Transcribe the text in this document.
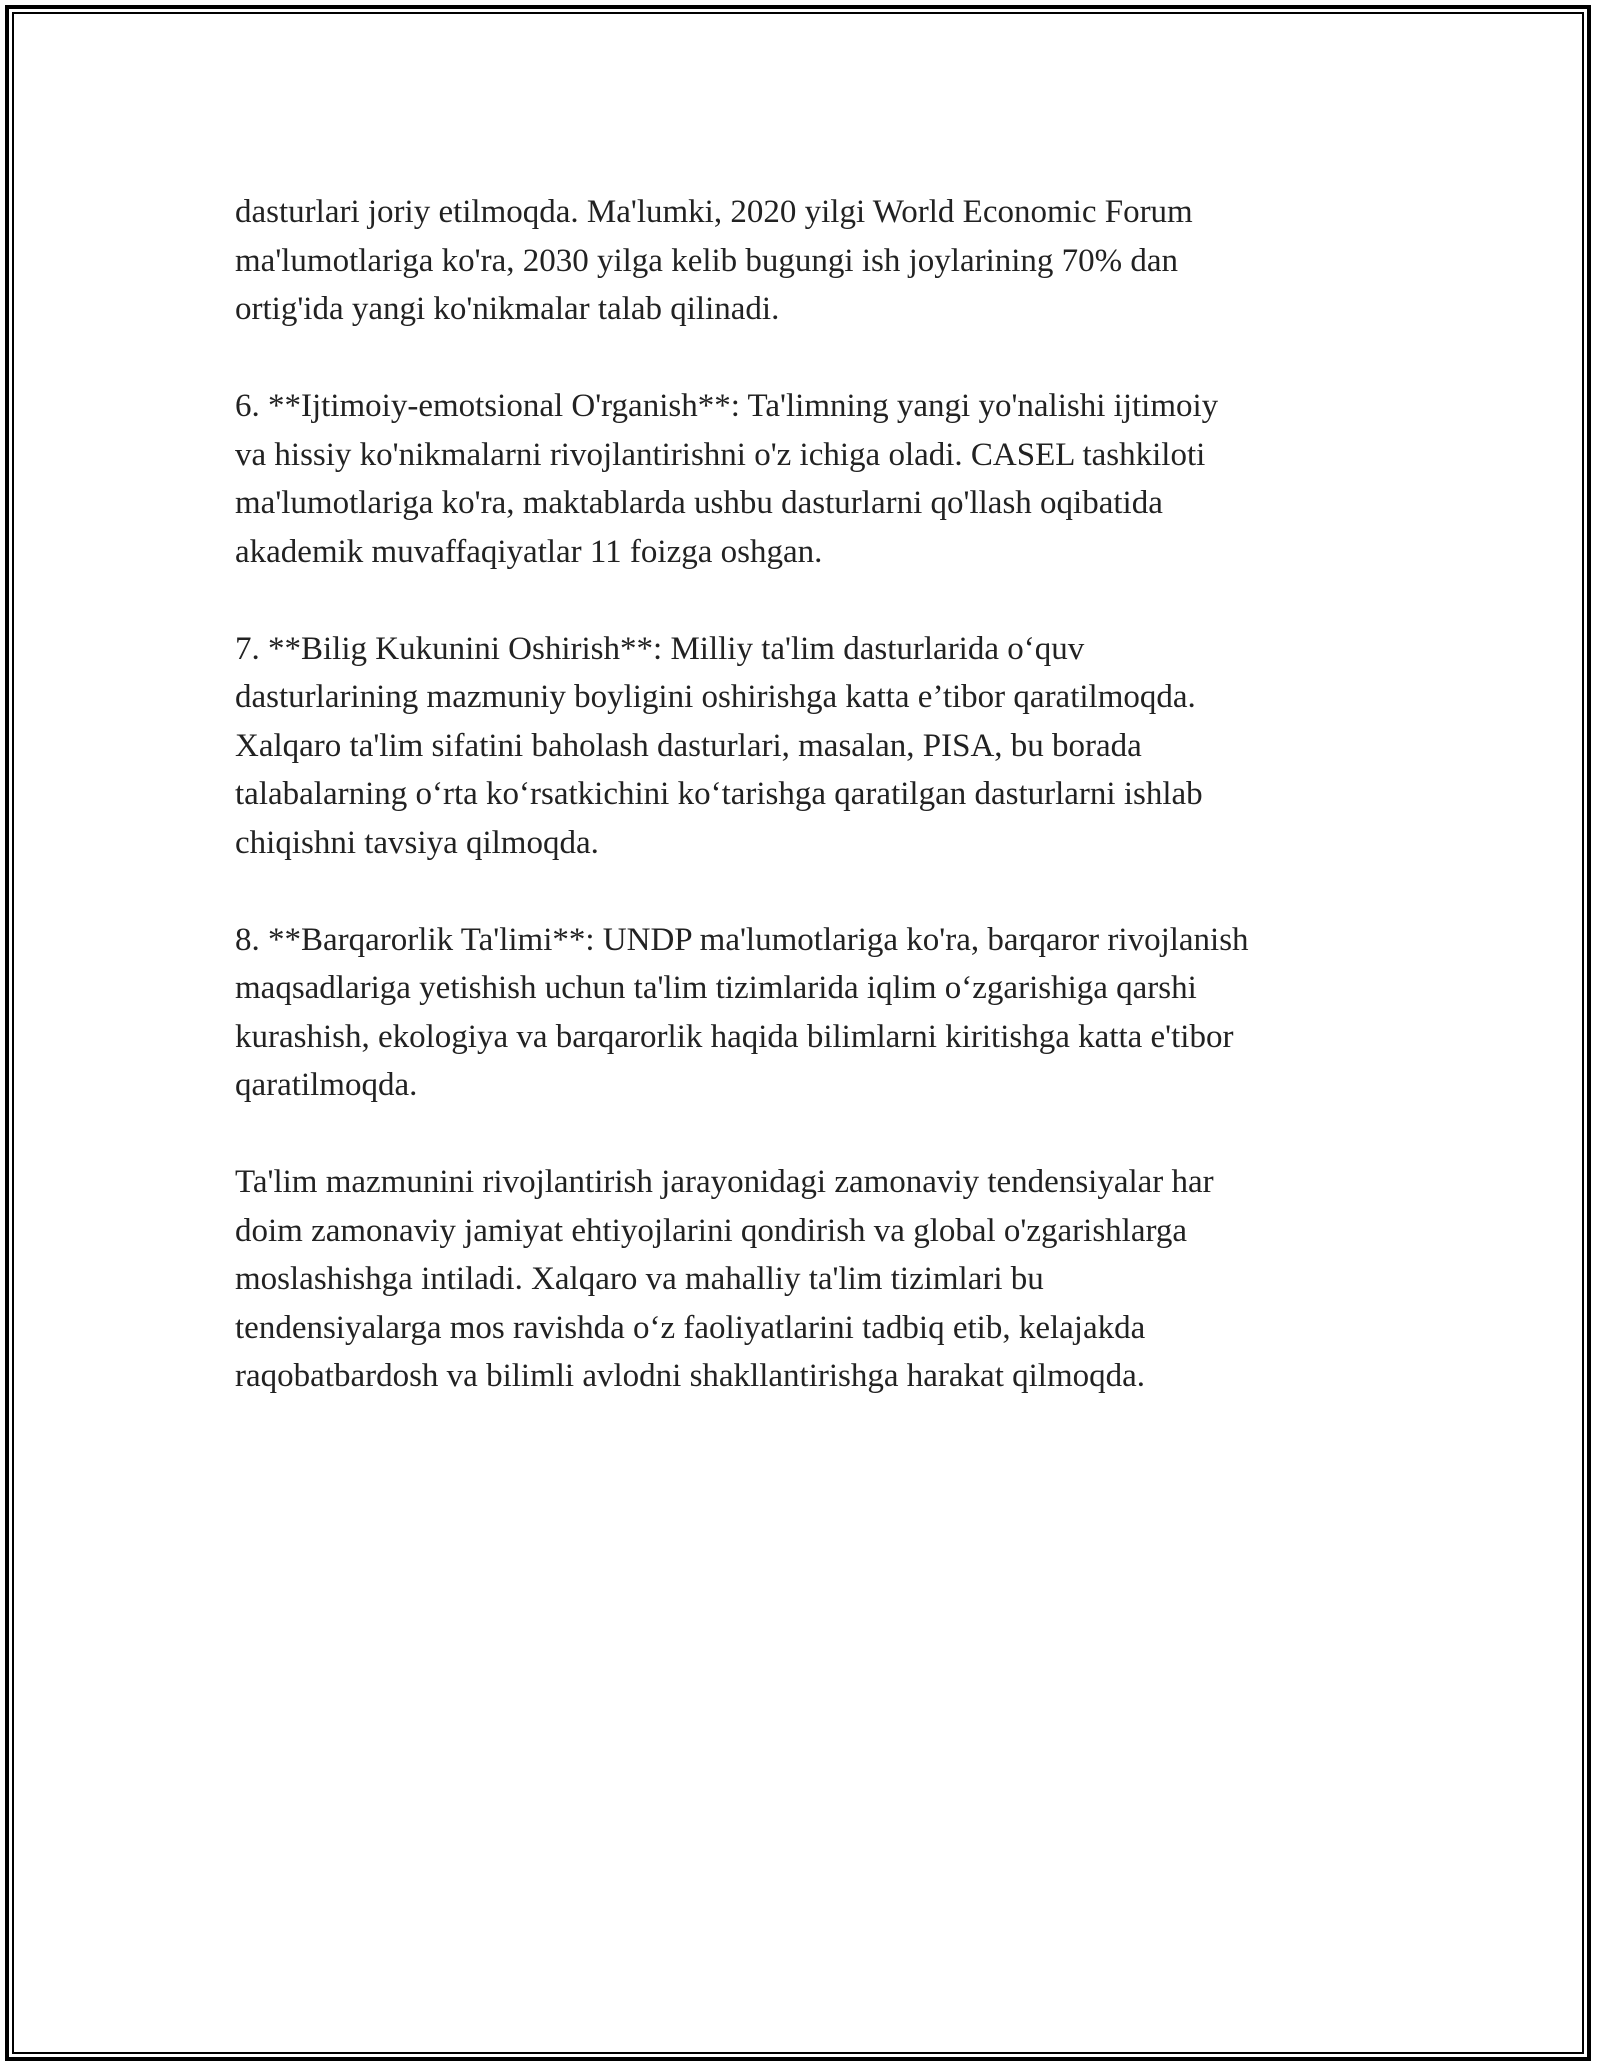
dasturlari joriy etilmoqda. Ma'lumki, 2020 yilgi World Economic Forum
ma'lumotlariga ko'ra, 2030 yilga kelib bugungi ish joylarining 70% dan
ortig'ida yangi ko'nikmalar talab qilinadi.

6. **Ijtimoiy-emotsional O'rganish**: Ta'limning yangi yo'nalishi ijtimoiy
va hissiy ko'nikmalarni rivojlantirishni o'z ichiga oladi. CASEL tashkiloti
ma'lumotlariga ko'ra, maktablarda ushbu dasturlarni qo'llash oqibatida
akademik muvaffaqiyatlar 11 foizga oshgan.

7. **Bilig Kukunini Oshirish**: Milliy ta'lim dasturlarida o‘quv
dasturlarining mazmuniy boyligini oshirishga katta e’tibor qaratilmoqda.
Xalqaro ta'lim sifatini baholash dasturlari, masalan, PISA, bu borada
talabalarning o‘rta ko‘rsatkichini ko‘tarishga qaratilgan dasturlarni ishlab
chiqishni tavsiya qilmoqda.

8. **Barqarorlik Ta'limi**: UNDP ma'lumotlariga ko'ra, barqaror rivojlanish
maqsadlariga yetishish uchun ta'lim tizimlarida iqlim o‘zgarishiga qarshi
kurashish, ekologiya va barqarorlik haqida bilimlarni kiritishga katta e'tibor
qaratilmoqda.

Ta'lim mazmunini rivojlantirish jarayonidagi zamonaviy tendensiyalar har
doim zamonaviy jamiyat ehtiyojlarini qondirish va global o'zgarishlarga
moslashishga intiladi. Xalqaro va mahalliy ta'lim tizimlari bu
tendensiyalarga mos ravishda o‘z faoliyatlarini tadbiq etib, kelajakda
raqobatbardosh va bilimli avlodni shakllantirishga harakat qilmoqda.
